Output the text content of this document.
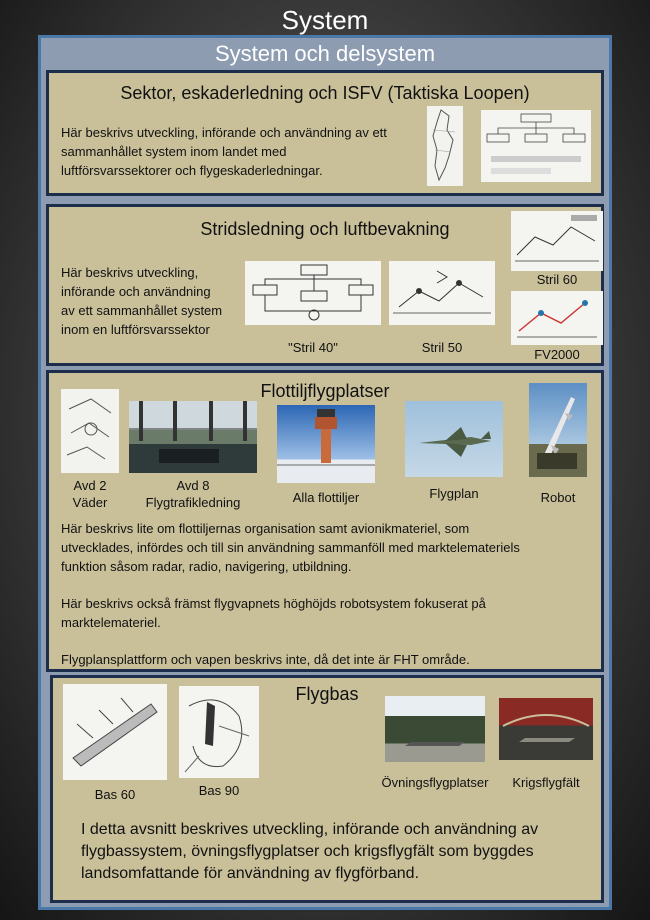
System
System och delsystem
Sektor, eskaderledning och ISFV (Taktiska Loopen)
Här beskrivs utveckling, införande och användning av ett
sammanhållet system inom landet med
luftförsvarssektorer och flygeskaderledningar.
Stridsledning och luftbevakning
Här beskrivs utveckling,
införande och användning
av ett sammanhållet system
inom en luftförsvarssektor
"Stril 40"	Stril 50
Stril 60
FV2000
Flottiljflygplatser
Avd 2
Väder
Avd 8
Flygtrafikledning	Alla flottiljer	Flygplan	Robot
Här beskrivs lite om flottiljernas organisation samt avionikmateriel, som
utvecklades, infördes och till sin användning sammanföll med marktelemateriels
funktion såsom radar, radio, navigering, utbildning.
Här beskrivs också främst flygvapnets höghöjds robotsystem fokuserat på
marktelemateriel.
Flygplansplattform och vapen beskrivs inte, då det inte är FHT område.
Flygbas
Bas 60	Bas 90
Övningsflygplatser	Krigsflygfält
I detta avsnitt beskrives utveckling, införande och användning av
flygbassystem, övningsflygplatser och krigsflygfält som byggdes
landsomfattande för användning av flygförband.
